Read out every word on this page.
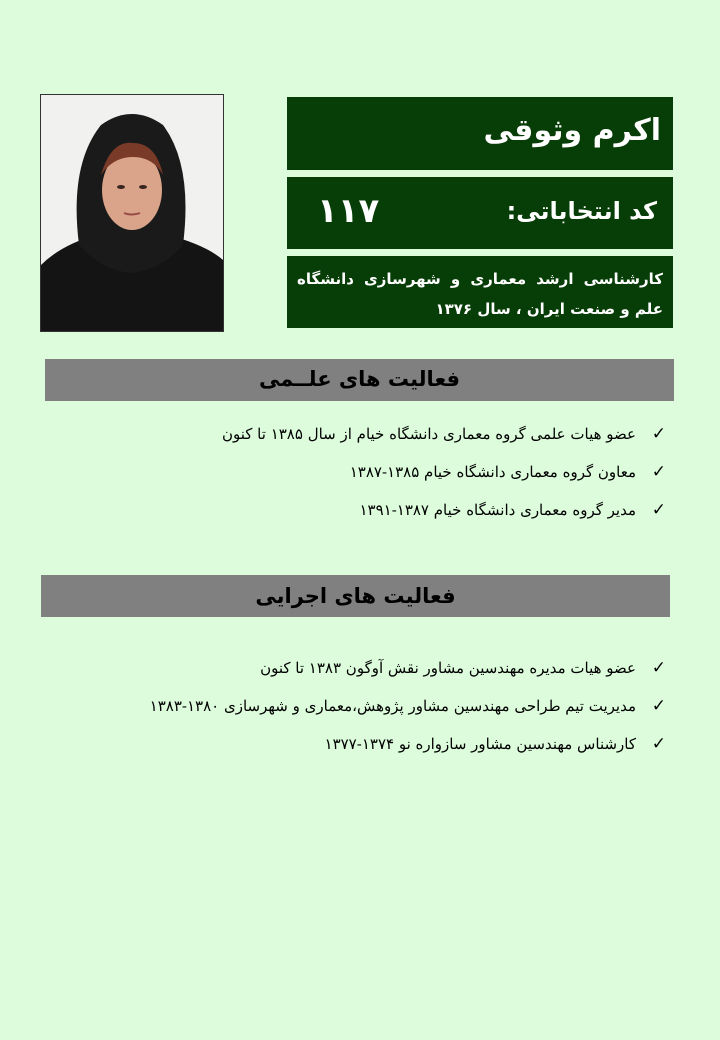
اکرم وثوقی
کد انتخاباتی:
۱۱۷
کارشناسی ارشد معماری و شهرسازی دانشگاه علم و صنعت ایران ، سال ۱۳۷۶
فعالیت های علــمی
✓
عضو هیات علمی گروه معماری دانشگاه خیام از سال ۱۳۸۵ تا کنون
✓
معاون گروه معماری دانشگاه خیام ۱۳۸۵-۱۳۸۷
✓
مدیر گروه معماری دانشگاه خیام ۱۳۸۷-۱۳۹۱
فعالیت های اجرایی
✓
عضو هیات مدیره مهندسین مشاور نقش آوگون ۱۳۸۳ تا کنون
✓
مدیریت تیم طراحی مهندسین مشاور پژوهش،معماری و شهرسازی ۱۳۸۰-۱۳۸۳
✓
کارشناس مهندسین مشاور سازواره نو ۱۳۷۴-۱۳۷۷
